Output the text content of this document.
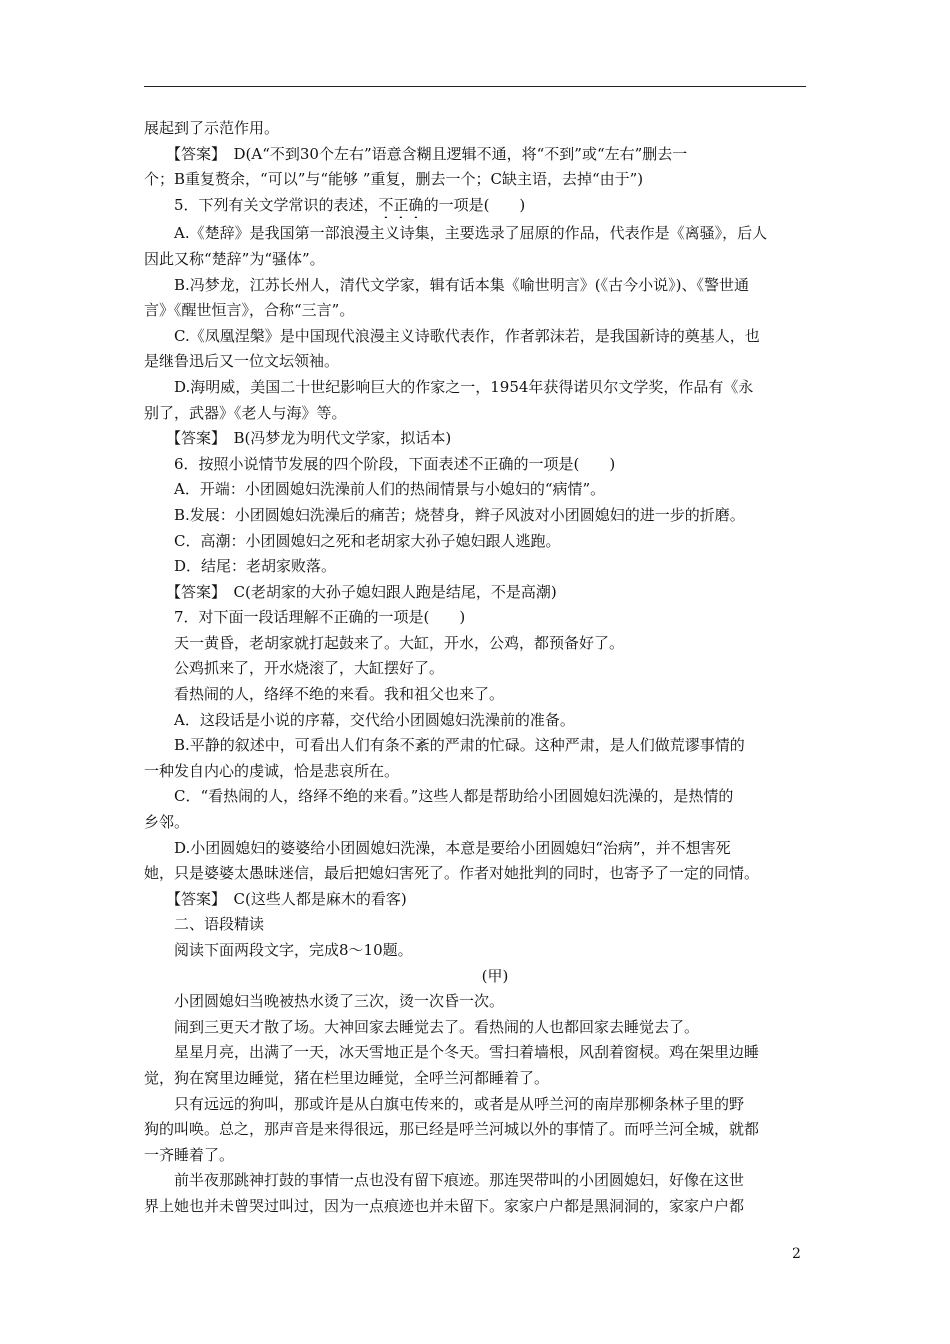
展起到了示范作用。
【答案】　D(A“不到30个左右”语意含糊且逻辑不通，将“不到”或“左右”删去一
个；B重复赘余，“可以”与“能够 ”重复，删去一个；C缺主语，去掉“由于”)
5．下列有关文学常识的表述，不正确的一项是(　　)
A.《楚辞》是我国第一部浪漫主义诗集，主要选录了屈原的作品，代表作是《离骚》，后人
因此又称“楚辞”为“骚体”。
B.冯梦龙，江苏长州人，清代文学家，辑有话本集《喻世明言》(《古今小说》)、《警世通
言》《醒世恒言》，合称“三言”。
C.《凤凰涅槃》是中国现代浪漫主义诗歌代表作，作者郭沫若，是我国新诗的奠基人，也
是继鲁迅后又一位文坛领袖。
D.海明威，美国二十世纪影响巨大的作家之一，1954年获得诺贝尔文学奖，作品有《永
别了，武器》《老人与海》等。
【答案】　B(冯梦龙为明代文学家，拟话本)
6．按照小说情节发展的四个阶段，下面表述不正确的一项是(　　)
A．开端：小团圆媳妇洗澡前人们的热闹情景与小媳妇的“病情”。
B.发展：小团圆媳妇洗澡后的痛苦；烧替身，辫子风波对小团圆媳妇的进一步的折磨。
C．高潮：小团圆媳妇之死和老胡家大孙子媳妇跟人逃跑。
D．结尾：老胡家败落。
【答案】　C(老胡家的大孙子媳妇跟人跑是结尾，不是高潮)
7．对下面一段话理解不正确的一项是(　　)
天一黄昏，老胡家就打起鼓来了。大缸，开水，公鸡，都预备好了。
公鸡抓来了，开水烧滚了，大缸摆好了。
看热闹的人，络绎不绝的来看。我和祖父也来了。
A．这段话是小说的序幕，交代给小团圆媳妇洗澡前的准备。
B.平静的叙述中，可看出人们有条不紊的严肃的忙碌。这种严肃，是人们做荒谬事情的
一种发自内心的虔诚，恰是悲哀所在。
C．“看热闹的人，络绎不绝的来看。”这些人都是帮助给小团圆媳妇洗澡的，是热情的
乡邻。
D.小团圆媳妇的婆婆给小团圆媳妇洗澡，本意是要给小团圆媳妇“治病”，并不想害死
她，只是婆婆太愚昧迷信，最后把媳妇害死了。作者对她批判的同时，也寄予了一定的同情。
【答案】　C(这些人都是麻木的看客)
二、语段精读
阅读下面两段文字，完成8～10题。
(甲)
小团圆媳妇当晚被热水烫了三次，烫一次昏一次。
闹到三更天才散了场。大神回家去睡觉去了。看热闹的人也都回家去睡觉去了。
星星月亮，出满了一天，冰天雪地正是个冬天。雪扫着墙根，风刮着窗棂。鸡在架里边睡
觉，狗在窝里边睡觉，猪在栏里边睡觉，全呼兰河都睡着了。
只有远远的狗叫，那或许是从白旗屯传来的，或者是从呼兰河的南岸那柳条林子里的野
狗的叫唤。总之，那声音是来得很远，那已经是呼兰河城以外的事情了。而呼兰河全城，就都
一齐睡着了。
前半夜那跳神打鼓的事情一点也没有留下痕迹。那连哭带叫的小团圆媳妇，好像在这世
界上她也并未曾哭过叫过，因为一点痕迹也并未留下。家家户户都是黑洞洞的，家家户户都
2
